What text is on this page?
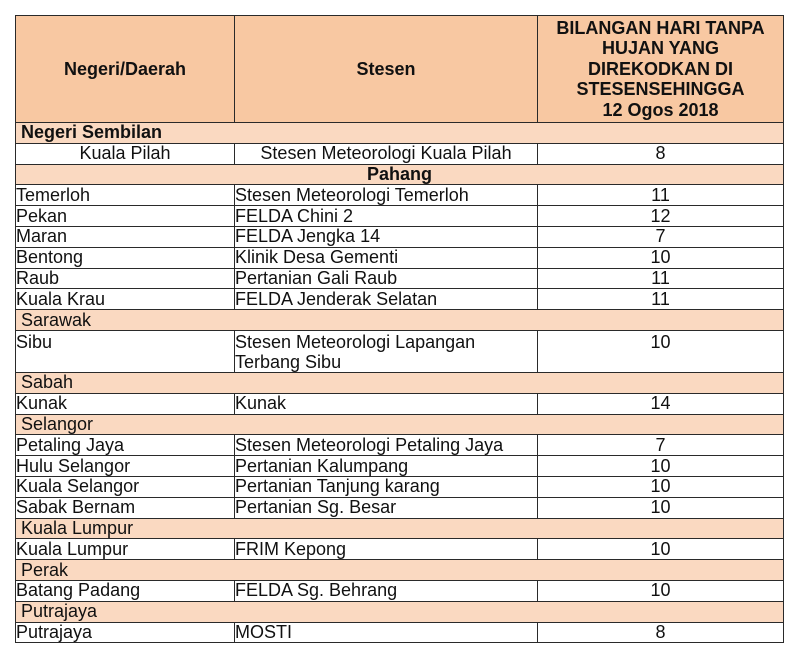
Negeri/Daerah	Stesen	BILANGAN HARI TANPA
HUJAN YANG
DIREKODKAN DI
STESENSEHINGGA
12 Ogos 2018

Negeri Sembilan		
Kuala Pilah	Stesen Meteorologi Kuala Pilah	8
Pahang		
Temerloh	Stesen Meteorologi Temerloh	11
Pekan	FELDA Chini 2	12
Maran	FELDA Jengka 14	7
Bentong	Klinik Desa Gementi	10
Raub	Pertanian Gali Raub	11
Kuala Krau	FELDA Jenderak Selatan	11
Sarawak		
Sibu	Stesen Meteorologi Lapangan Terbang Sibu	10
Sabah		
Kunak	Kunak	14
Selangor		
Petaling Jaya	Stesen Meteorologi Petaling Jaya	7
Hulu Selangor	Pertanian Kalumpang	10
Kuala Selangor	Pertanian Tanjung karang	10
Sabak Bernam	Pertanian Sg. Besar	10
Kuala Lumpur		
Kuala Lumpur	FRIM Kepong	10
Perak		
Batang Padang	FELDA Sg. Behrang	10
Putrajaya		
Putrajaya	MOSTI	8
